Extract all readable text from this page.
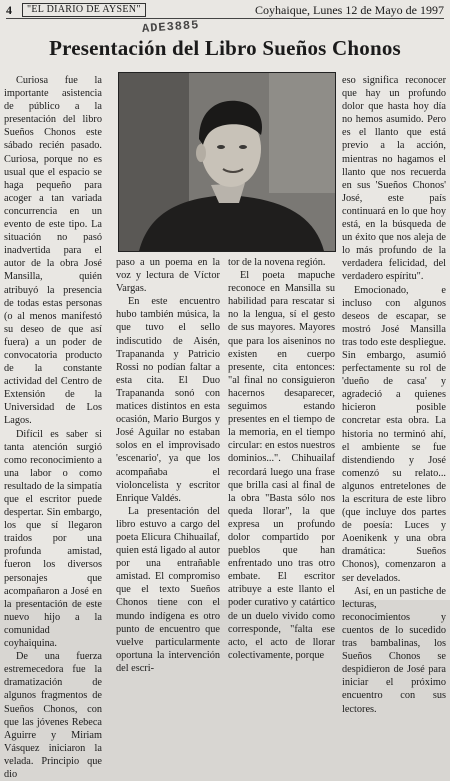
4	"EL DIARIO DE AYSEN"	Coyhaique, Lunes 12 de Mayo de 1997
ADE3885
Presentación del Libro Sueños Chonos

Curiosa fue la importante asistencia de público a la presentación del libro Sueños Chonos este sábado recién pasado. Curiosa, porque no es usual que el espacio se haga pequeño para acoger a tan variada concurrencia en un evento de este tipo. La situación no pasó inadvertida para el autor de la obra José Mansilla, quién atribuyó la presencia de todas estas personas (o al menos manifestó su deseo de que así fuera) a un poder de convocatoria producto de la constante actividad del Centro de Extensión de la Universidad de Los Lagos.

Difícil es saber si tanta atención surgió como reconocimiento a una labor o como resultado de la simpatía que el escritor puede despertar. Sin embargo, los que sí llegaron traidos por una profunda amistad, fueron los diversos personajes que acompañaron a José en la presentación de este nuevo hijo a la comunidad coyhaiquina.

De una fuerza estremecedora fue la dramatización de algunos fragmentos de Sueños Chonos, con que las jóvenes Rebeca Aguirre y Miriam Vásquez iniciaron la velada. Principio que dio

paso a un poema en la voz y lectura de Víctor Vargas.

En este encuentro hubo también música, la que tuvo el sello indiscutido de Aisén, Trapananda y Patricio Rossi no podían faltar a esta cita. El Duo Trapananda sonó con matices distintos en esta ocasión, Mario Burgos y José Aguilar no estaban solos en el improvisado 'escenario', ya que los acompañaba el violoncelista y escritor Enrique Valdés.

La presentación del libro estuvo a cargo del poeta Elicura Chihuailaf, quien está ligado al autor por una entrañable amistad. El compromiso que el texto Sueños Chonos tiene con el mundo indígena es otro punto de encuentro que vuelve particularmente oportuna la intervención del escri-

tor de la novena región.

El poeta mapuche reconoce en Mansilla su habilidad para rescatar si no la lengua, sí el gesto de sus mayores. Mayores que para los aiseninos no existen en cuerpo presente, cita entonces: "al final no consiguieron hacernos desaparecer, seguimos estando presentes en el tiempo de la memoria, en el tiempo circular: en estos nuestros dominios...". Chihuailaf recordará luego una frase que brilla casi al final de la obra "Basta sólo nos queda llorar", la que expresa un profundo dolor compartido por pueblos que han enfrentado uno tras otro embate. El escritor atribuye a este llanto el poder curativo y catártico de un duelo vivido como corresponde, "falta ese acto, el acto de llorar colectivamente, porque

eso significa reconocer que hay un profundo dolor que hasta hoy día no hemos asumido. Pero es el llanto que está previo a la acción, mientras no hagamos el llanto que nos recuerda en sus 'Sueños Chonos' José, este país continuará en lo que hoy está, en la búsqueda de un éxito que nos aleja de lo más profundo de la verdadera felicidad, del verdadero espíritu".

Emocionado, e incluso con algunos deseos de escapar, se mostró José Mansilla tras todo este despliegue. Sin embargo, asumió perfectamente su rol de 'dueño de casa' y agradeció a quienes hicieron posible concretar esta obra. La historia no terminó ahí, el ambiente se fue distendiendo y José comenzó su relato... algunos entretelones de la escritura de este libro (que incluye dos partes de poesía: Luces y Aoenikenk y una obra dramática: Sueños Chonos), comenzaron a ser develados.

Así, en un pastiche de lecturas, reconocimientos y cuentos de lo sucedido tras bambalinas, los Sueños Chonos se despidieron de José para iniciar el próximo encuentro con sus lectores.
